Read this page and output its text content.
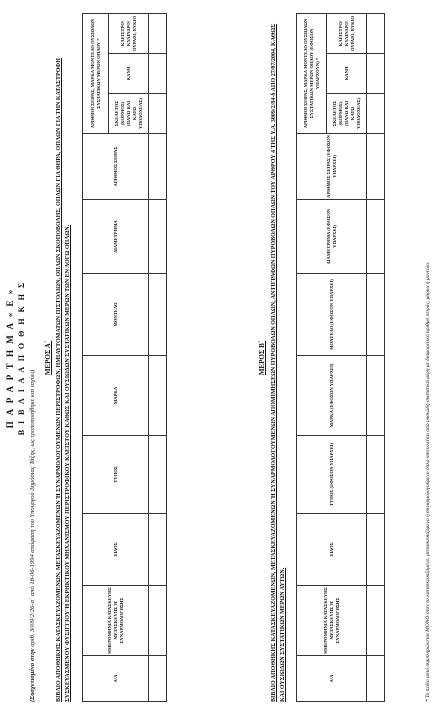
Π Α Ρ Α Ρ Τ Η Μ Α « Ε » Β Ι Β Λ Ι Α Α Π Ο Θ Η Κ Η Σ
(Συσχετισμένο στην αριθ. 3009/2/26-α΄ από 18-06-1994 απόφαση του Υπουργού Δημόσιας Τάξης, ως τροποποιήθηκε και ισχύει)
ΜΕΡΟΣ Α΄ ΒΙΒΛΙΟ ΑΠΟΘΗΚΗΣ ΚΑΤΑΣΚΕΥΑΖΟΜΕΝΩΝ, ΜΕΤΑΣΚΕΥΑΖΟΜΕΝΩΝ Ή ΣΥΝΑΡΜΟΛΟΓΟΥΜΕΝΩΝ ΠΕΡΙΣΤΡΟΦΩΝ, ΗΜΙΑΥΤΟΜΑΤΩΝ ΠΙΣΤΟΛΙΩΝ, ΟΠΛΩΝ ΣΚΟΠΟΒΟΛΗΣ, ΟΠΛΩΝ ΓΙΑ ΘΗΡΑ, ΟΠΛΩΝ ΓΙΑ ΤΗΝ ΚΑΤΑΣΤΡΟΦΗ ΣΥΣΚΕΥΑΣΜΕΝΟΥ ΦΥΣΙΓΓΙΟΥ Ή ΕΚΡΗΚΤΙΚΟΥ ΜΗΧΑΝΙΣΜΟΥ ΠΕΡΙΣΤΡΟΦΙΚΟΥ ΚΛΕΙΣΤΟΥ ΚΑΘΩΣ ΚΑΙ ΟΥΣΙΩΔΩΝ ΣΥΣΤΑΤΙΚΩΝ ΜΕΡΩΝ ΤΩΝ ΕΝ ΛΟΓΩ ΟΠΛΩΝ.	Α/Α	ΗΜΕΡΟΜΗΝΙΑ ΚΑΤΑΣΚΕΥΗΣ ΜΕΤΑΣΚΕΥΗΣ Ή ΣΥΝΑΡΜΟΛΟΓΗΣΗΣ	ΕΙΔΟΣ	ΤΥΠΟΣ	ΜΑΡΚΑ	ΜΟΝΤΕΛΟ	ΔΙΑΜΕΤΡΗΜΑ	ΑΡΙΘΜΟΣ ΣΕΙΡΑΣ	ΑΡΙΘΜΟΙ ΣΕΙΡΑΣ, ΜΑΡΚΑ ΜΟΝΤΕΛΟ ΟΥΣΙΩΔΩΝ ΣΥΣΤΑΤΙΚΩΝ ΜΕΡΩΝ ΟΠΛΟΥ *		
								ΣΚΕΛΕΤΟΣ (ΚΟΡΜΟΣ) (ΠΑΝΩ ΚΑΙ ΚΑΤΩ ΥΠΟΔΟΧΕΑΣ)	ΚΑΝΗ	ΚΛΕΙΣΤΡΟ/ΚΥΛΙΝΔΡΟ/ΟΥΡΑΙΟ, ΒΥΚΙΟ

ΜΕΡΟΣ Β΄ ΒΙΒΛΙΟ ΑΠΟΘΗΚΗΣ ΚΑΤΑΣΚΕΥΑΖΟΜΕΝΩΝ, ΜΕΤΑΣΚΕΥΑΖΟΜΕΝΩΝ Ή ΣΥΝΑΡΜΟΛΟΓΟΥΜΕΝΩΝ ΑΠΟΜΙΜΗΣΕΩΝ ΠΥΡΟΒΟΛΩΝ ΟΠΛΩΝ, ΑΝΤΙΓΡΑΦΩΝ ΠΥΡΟΒΟΛΩΝ ΟΠΛΩΝ ΤΟΥ ΑΡΘΡΟΥ 4 ΤΗΣ Υ.Α. 3009/2/84-δ ΑΠΟ 27/07/2004, ΚΑΘΩΣ ΚΑΙ ΟΥΣΙΩΔΩΝ ΣΥΣΤΑΤΙΚΩΝ ΜΕΡΩΝ ΑΥΤΩΝ.	Α/Α	ΗΜΕΡΟΜΗΝΙΑ ΚΑΤΑΣΚΕΥΗΣ ΜΕΤΑΣΚΕΥΗΣ Ή ΣΥΝΑΡΜΟΛΟΓΗΣΗΣ	ΕΙΔΟΣ	ΤΥΠΟΣ (ΕΦΟΣΟΝ ΥΠΑΡΧΕΙ)	ΜΑΡΚΑ (ΕΦΟΣΟΝ ΥΠΑΡΧΕΙ)	ΜΟΝΤΕΛΟ (ΕΦΟΣΟΝ ΥΠΑΡΧΕΙ)	ΔΙΑΜΕΤΡΗΜΑ (ΕΦΟΣΟΝ ΥΠΑΡΧΕΙ)	ΑΡΙΘΜΟΣ ΣΕΙΡΑΣ (ΕΦΟΣΟΝ ΥΠΑΡΧΕΙ)	ΑΡΙΘΜΟΙ ΣΕΙΡΑΣ, ΜΑΡΚΑ ΜΟΝΤΕΛΟ ΟΥΣΙΩΔΩΝ ΣΥΣΤΑΤΙΚΩΝ ΜΕΡΩΝ ΟΠΛΟΥ (ΕΦΟΣΟΝ ΥΠΑΡΧΟΥΝ) *		
								ΣΚΕΛΕΤΟΣ (ΚΟΡΜΟΣ) (ΠΑΝΩ ΚΑΙ ΚΑΤΩ ΥΠΟΔΟΧΕΑΣ)	ΚΑΝΗ	ΚΛΕΙΣΤΡΟ/ΚΥΛΙΝΔΡΟ/ΟΥΡΑΙΟ, ΒΥΚΙΟ

* Το πεδίο αυτό συμπληρώνεται ΜΟΝΟ όταν το κατασκευαζόμενο, μετασκευαζόμενο ή συναρμολογούμενο όπλο αποτελείται από ουσιώδη συστατικά μέρη με διαφορετικό αριθμό σειράς, μάρκα ή μοντέλο.
